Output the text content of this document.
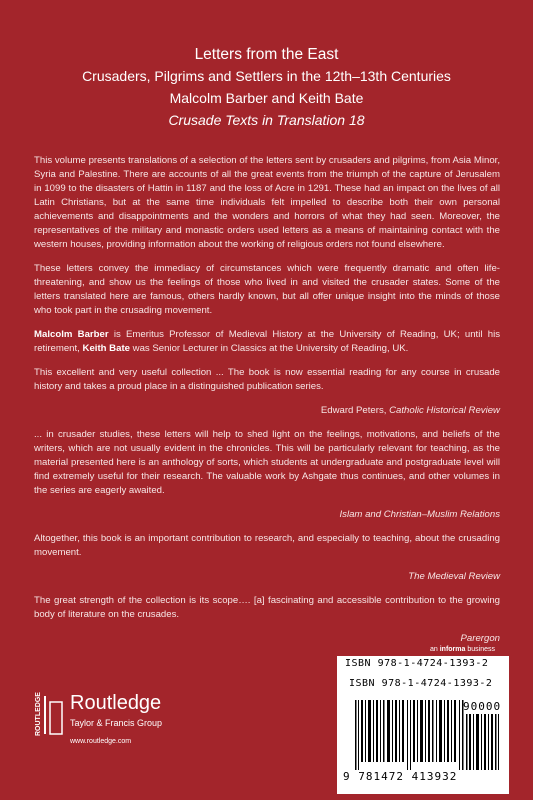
Letters from the East
Crusaders, Pilgrims and Settlers in the 12th–13th Centuries
Malcolm Barber and Keith Bate
Crusade Texts in Translation 18

This volume presents translations of a selection of the letters sent by crusaders and pilgrims, from Asia Minor, Syria and Palestine. There are accounts of all the great events from the triumph of the capture of Jerusalem in 1099 to the disasters of Hattin in 1187 and the loss of Acre in 1291. These had an impact on the lives of all Latin Christians, but at the same time individuals felt impelled to describe both their own personal achievements and disappointments and the wonders and horrors of what they had seen. Moreover, the representatives of the military and monastic orders used letters as a means of maintaining contact with the western houses, providing information about the working of religious orders not found elsewhere.

These letters convey the immediacy of circumstances which were frequently dramatic and often life-threatening, and show us the feelings of those who lived in and visited the crusader states. Some of the letters translated here are famous, others hardly known, but all offer unique insight into the minds of those who took part in the crusading movement.

Malcolm Barber is Emeritus Professor of Medieval History at the University of Reading, UK; until his retirement, Keith Bate was Senior Lecturer in Classics at the University of Reading, UK.

This excellent and very useful collection ... The book is now essential reading for any course in crusade history and takes a proud place in a distinguished publication series.

Edward Peters, Catholic Historical Review

... in crusader studies, these letters will help to shed light on the feelings, motivations, and beliefs of the writers, which are not usually evident in the chronicles. This will be particularly relevant for teaching, as the material presented here is an anthology of sorts, which students at undergraduate and postgraduate level will find extremely useful for their research. The valuable work by Ashgate thus continues, and other volumes in the series are eagerly awaited.

Islam and Christian–Muslim Relations

Altogether, this book is an important contribution to research, and especially to teaching, about the crusading movement.

The Medieval Review

The great strength of the collection is its scope…. [a] fascinating and accessible contribution to the growing body of literature on the crusades.

Parergon

an informa business
ISBN 978-1-4724-1393-2
ISBN 978-1-4724-1393-2
90000
9 781472 413932
ROUTLEDGE Routledge
Taylor & Francis Group
www.routledge.com
